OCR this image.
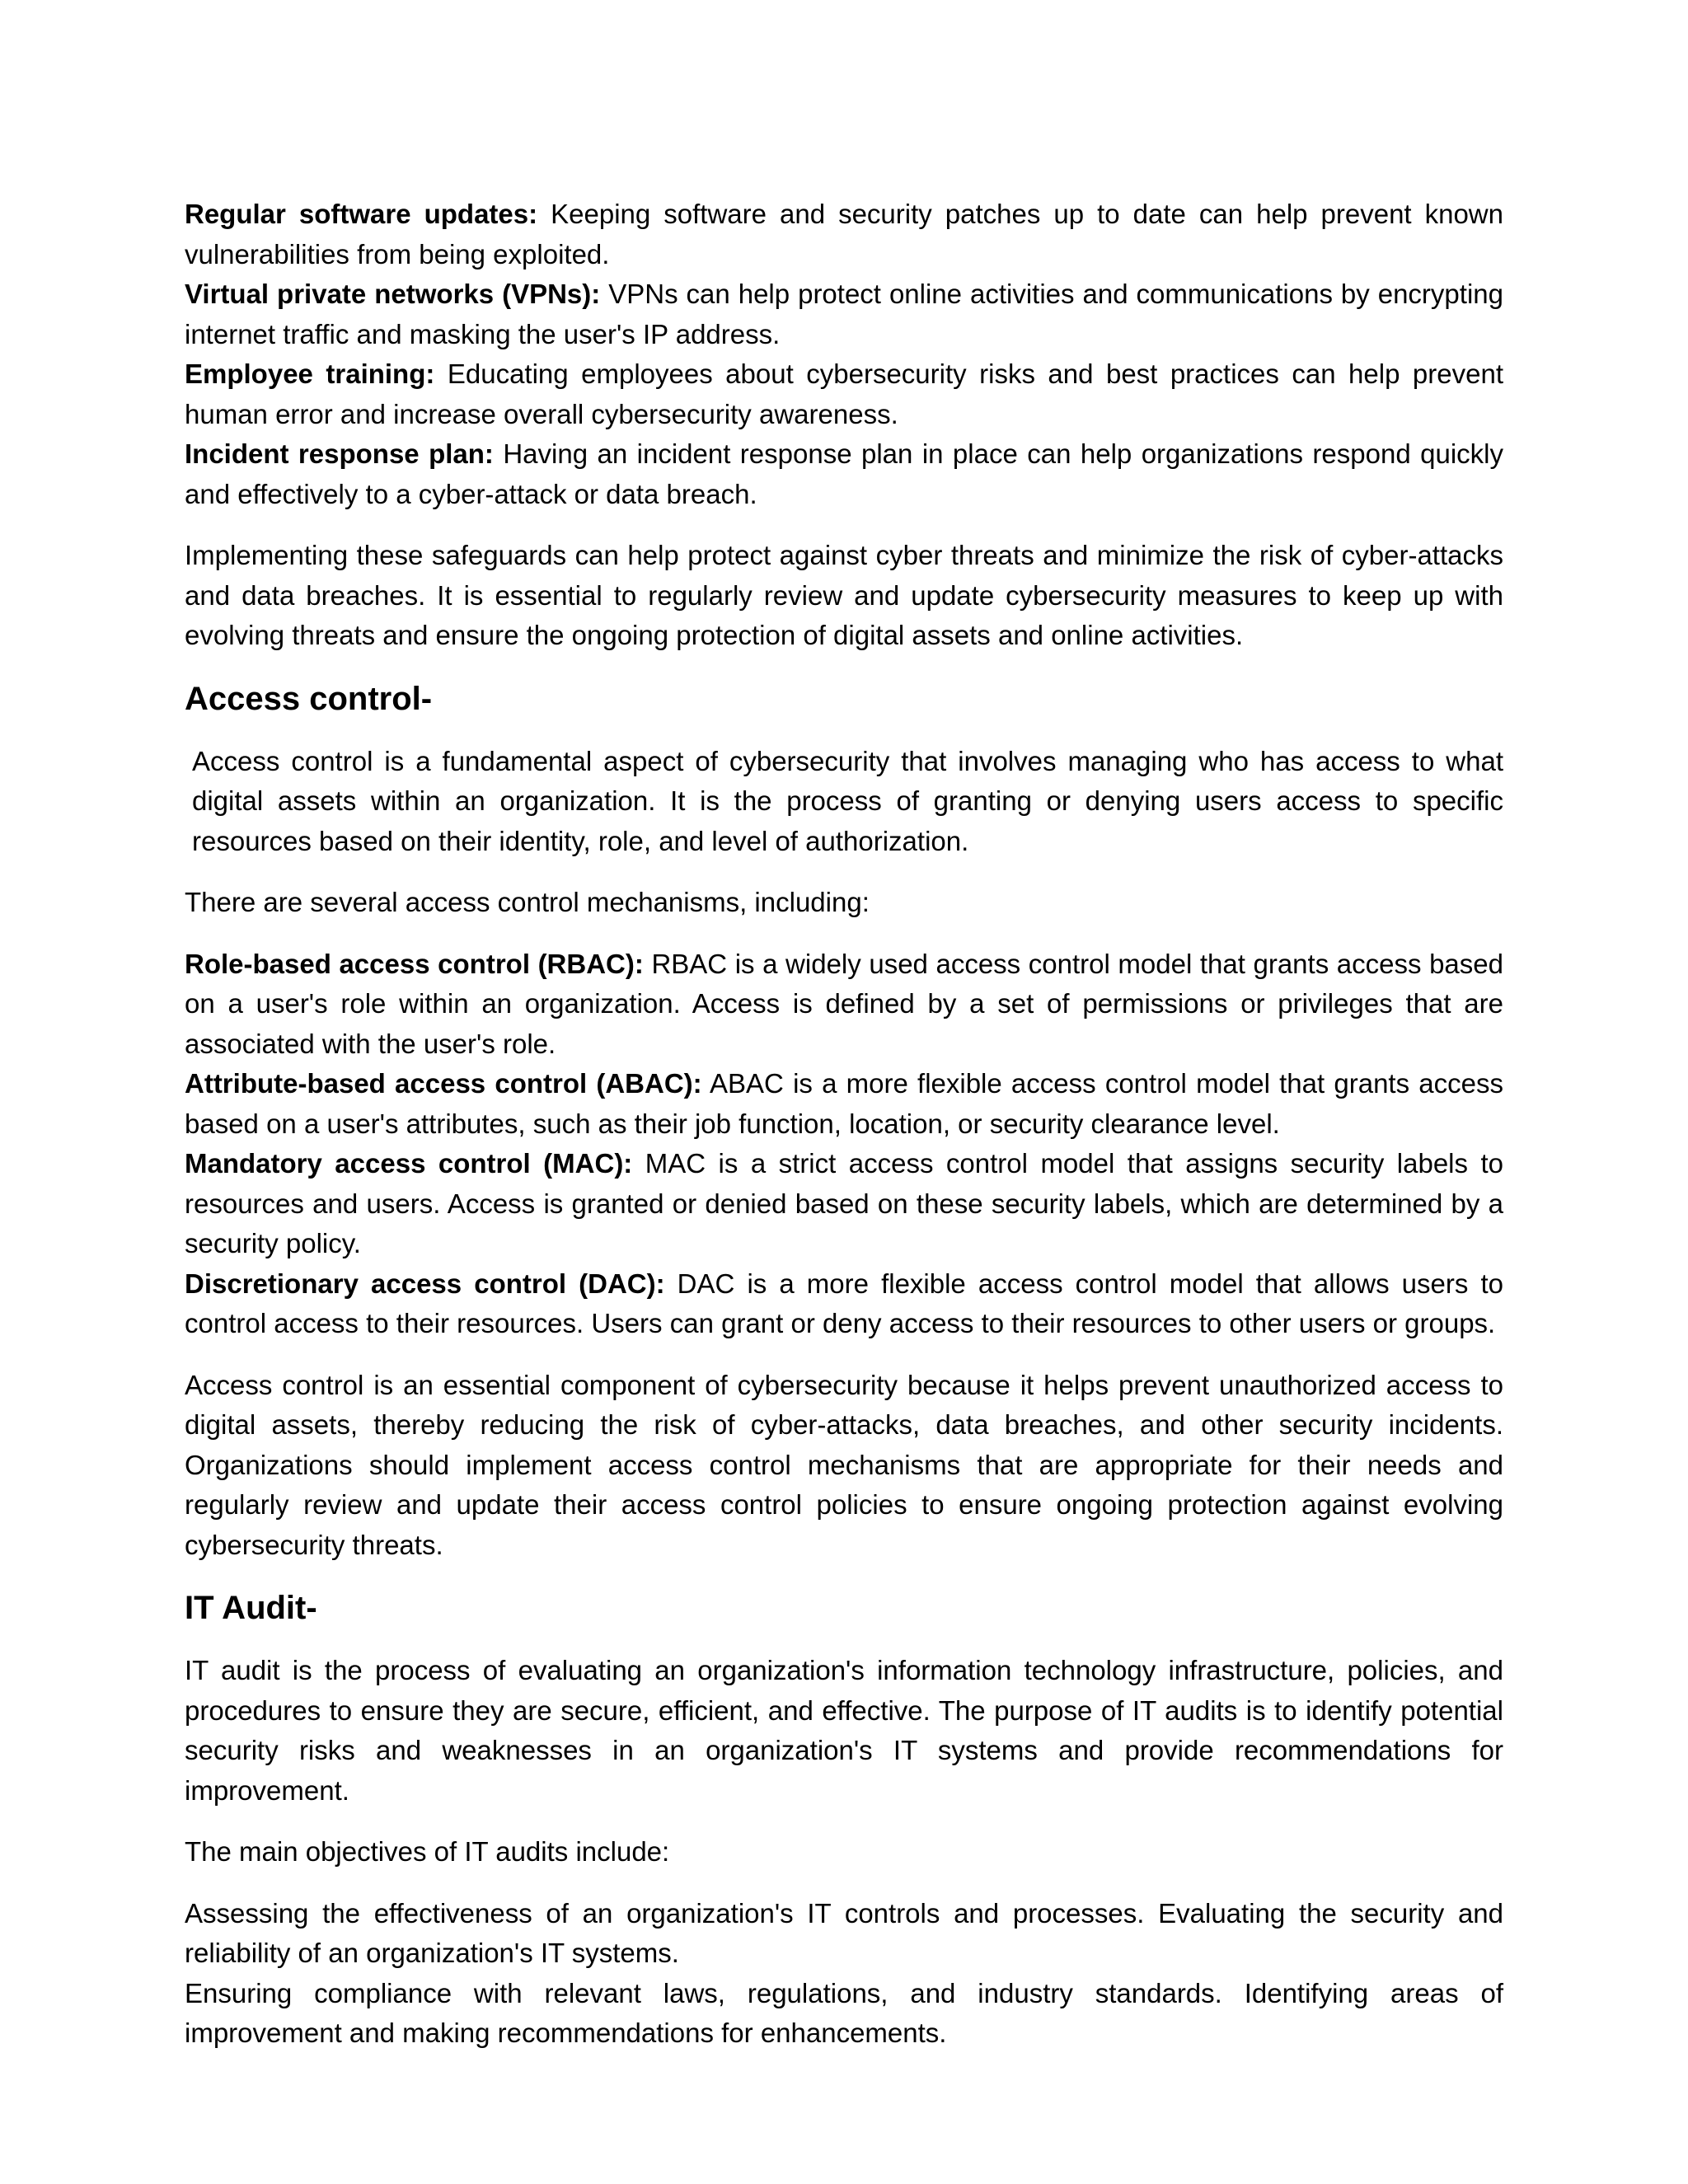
Regular software updates: Keeping software and security patches up to date can help prevent known vulnerabilities from being exploited.

Virtual private networks (VPNs): VPNs can help protect online activities and communications by encrypting internet traffic and masking the user's IP address.

Employee training: Educating employees about cybersecurity risks and best practices can help prevent human error and increase overall cybersecurity awareness.

Incident response plan: Having an incident response plan in place can help organizations respond quickly and effectively to a cyber-attack or data breach.

Implementing these safeguards can help protect against cyber threats and minimize the risk of cyber-attacks and data breaches. It is essential to regularly review and update cybersecurity measures to keep up with evolving threats and ensure the ongoing protection of digital assets and online activities.

Access control-

Access control is a fundamental aspect of cybersecurity that involves managing who has access to what digital assets within an organization. It is the process of granting or denying users access to specific resources based on their identity, role, and level of authorization.

There are several access control mechanisms, including:

Role-based access control (RBAC): RBAC is a widely used access control model that grants access based on a user's role within an organization. Access is defined by a set of permissions or privileges that are associated with the user's role.

Attribute-based access control (ABAC): ABAC is a more flexible access control model that grants access based on a user's attributes, such as their job function, location, or security clearance level.

Mandatory access control (MAC): MAC is a strict access control model that assigns security labels to resources and users. Access is granted or denied based on these security labels, which are determined by a security policy.

Discretionary access control (DAC): DAC is a more flexible access control model that allows users to control access to their resources. Users can grant or deny access to their resources to other users or groups.

Access control is an essential component of cybersecurity because it helps prevent unauthorized access to digital assets, thereby reducing the risk of cyber-attacks, data breaches, and other security incidents. Organizations should implement access control mechanisms that are appropriate for their needs and regularly review and update their access control policies to ensure ongoing protection against evolving cybersecurity threats.

IT Audit-

IT audit is the process of evaluating an organization's information technology infrastructure, policies, and procedures to ensure they are secure, efficient, and effective. The purpose of IT audits is to identify potential security risks and weaknesses in an organization's IT systems and provide recommendations for improvement.

The main objectives of IT audits include:

Assessing the effectiveness of an organization's IT controls and processes. Evaluating the security and reliability of an organization's IT systems.

Ensuring compliance with relevant laws, regulations, and industry standards. Identifying areas of improvement and making recommendations for enhancements.
